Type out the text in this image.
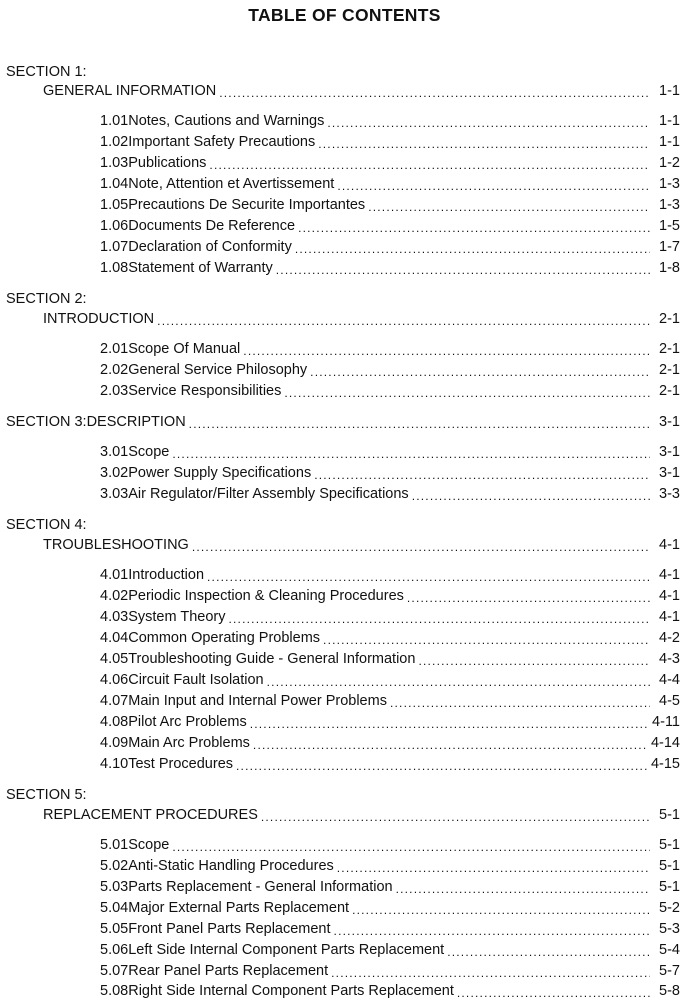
TABLE OF CONTENTS
SECTION 1:
GENERAL INFORMATION .....	1-1
1.01 Notes, Cautions and Warnings .....	1-1
1.02 Important Safety Precautions .....	1-1
1.03 Publications .....	1-2
1.04 Note, Attention et Avertissement .....	1-3
1.05 Precautions De Securite Importantes .....	1-3
1.06 Documents De Reference .....	1-5
1.07 Declaration of Conformity .....	1-7
1.08 Statement of Warranty .....	1-8
SECTION 2:
INTRODUCTION .....	2-1
2.01 Scope Of Manual .....	2-1
2.02 General Service Philosophy .....	2-1
2.03 Service Responsibilities .....	2-1
SECTION 3: DESCRIPTION .....	3-1
3.01 Scope .....	3-1
3.02 Power Supply Specifications .....	3-1
3.03 Air Regulator/Filter Assembly Specifications .....	3-3
SECTION 4:
TROUBLESHOOTING .....	4-1
4.01 Introduction .....	4-1
4.02 Periodic Inspection & Cleaning Procedures .....	4-1
4.03 System Theory .....	4-1
4.04 Common Operating Problems .....	4-2
4.05 Troubleshooting Guide - General Information .....	4-3
4.06 Circuit Fault Isolation .....	4-4
4.07 Main Input and Internal Power Problems .....	4-5
4.08 Pilot Arc Problems .....	4-11
4.09 Main Arc Problems .....	4-14
4.10 Test Procedures .....	4-15
SECTION 5:
REPLACEMENT PROCEDURES .....	5-1
5.01 Scope .....	5-1
5.02 Anti-Static Handling Procedures .....	5-1
5.03 Parts Replacement - General Information .....	5-1
5.04 Major External Parts Replacement .....	5-2
5.05 Front Panel Parts Replacement .....	5-3
5.06 Left Side Internal Component Parts Replacement .....	5-4
5.07 Rear Panel Parts Replacement .....	5-7
5.08 Right Side Internal Component Parts Replacement .....	5-8
